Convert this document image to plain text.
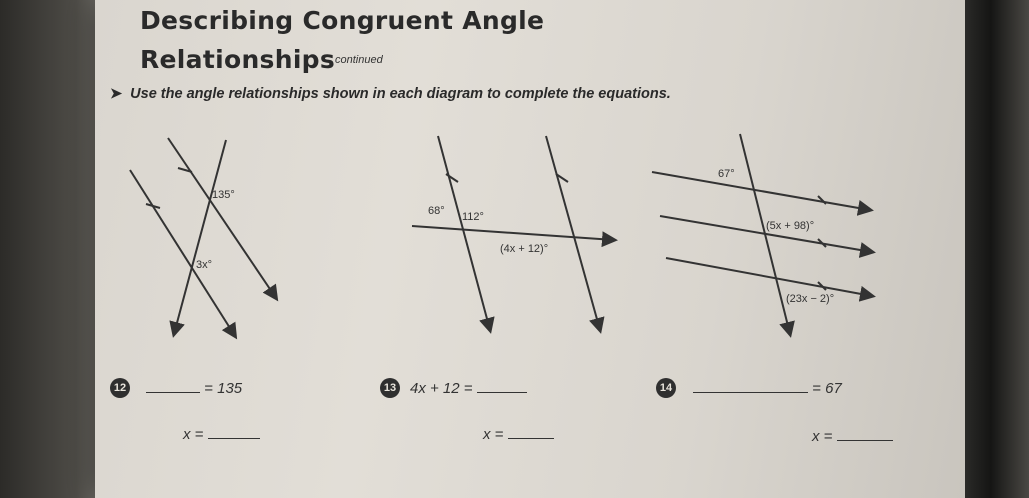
Describing Congruent Angle
Relationships continued
➤ Use the angle relationships shown in each diagram to complete the equations.
135°
3x°
68° 112°
(4x + 12)°
67°
(5x + 98)°
(23x − 2)°
12	= 135
x =
13 4x + 12 =
x =
14	= 67
x =
